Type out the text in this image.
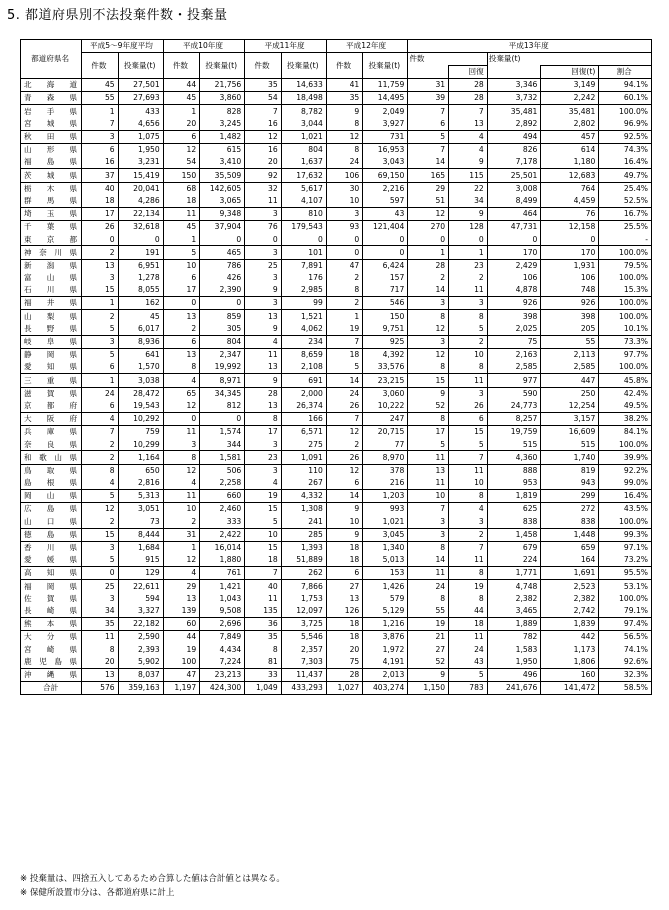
5. 都道府県別不法投棄件数・投棄量
都道府県名	平成5～9年度平均		平成10年度		平成11年度		平成12年度		平成13年度				
	件数	投棄量(t)	件数	投棄量(t)	件数	投棄量(t)	件数	投棄量(t)	件数		投棄量(t)		
										回復		回復(t)	割合
北海道	45	27,501	44	21,756	35	14,633	41	11,759	31	28	3,346	3,149	94.1%
青森県	55	27,693	45	3,860	54	18,498	35	14,495	39	28	3,732	2,242	60.1%
岩手県	1	433	1	828	7	8,782	9	2,049	7	7	35,481	35,481	100.0%
宮城県	7	4,656	20	3,245	16	3,044	8	3,927	6	13	2,892	2,802	96.9%
秋田県	3	1,075	6	1,482	12	1,021	12	731	5	4	494	457	92.5%
山形県	6	1,950	12	615	16	804	8	16,953	7	4	826	614	74.3%
福島県	16	3,231	54	3,410	20	1,637	24	3,043	14	9	7,178	1,180	16.4%
茨城県	37	15,419	150	35,509	92	17,632	106	69,150	165	115	25,501	12,683	49.7%
栃木県	40	20,041	68	142,605	32	5,617	30	2,216	29	22	3,008	764	25.4%
群馬県	18	4,286	18	3,065	11	4,107	10	597	51	34	8,499	4,459	52.5%
埼玉県	17	22,134	11	9,348	3	810	3	43	12	9	464	76	16.7%
千葉県	26	32,618	45	37,904	76	179,543	93	121,404	270	128	47,731	12,158	25.5%
東京都	0	0	1	0	0	0	0	0	0	0	0	0	-
神奈川県	2	191	5	465	3	101	0	0	1	1	170	170	100.0%
新潟県	13	6,951	10	786	25	7,891	47	6,424	28	23	2,429	1,931	79.5%
富山県	3	1,278	6	426	3	176	2	157	2	2	106	106	100.0%
石川県	15	8,055	17	2,390	9	2,985	8	717	14	11	4,878	748	15.3%
福井県	1	162	0	0	3	99	2	546	3	3	926	926	100.0%
山梨県	2	45	13	859	13	1,521	1	150	8	8	398	398	100.0%
長野県	5	6,017	2	305	9	4,062	19	9,751	12	5	2,025	205	10.1%
岐阜県	3	8,936	6	804	4	234	7	925	3	2	75	55	73.3%
静岡県	5	641	13	2,347	11	8,659	18	4,392	12	10	2,163	2,113	97.7%
愛知県	6	1,570	8	19,992	13	2,108	5	33,576	8	8	2,585	2,585	100.0%
三重県	1	3,038	4	8,971	9	691	14	23,215	15	11	977	447	45.8%
滋賀県	24	28,472	65	34,345	28	2,000	24	3,060	9	3	590	250	42.4%
京都府	6	19,543	12	812	13	26,374	26	10,222	52	26	24,773	12,254	49.5%
大阪府	4	10,292	0	0	8	166	7	247	8	6	8,257	3,157	38.2%
兵庫県	7	759	11	1,574	17	6,571	12	20,715	17	15	19,759	16,609	84.1%
奈良県	2	10,299	3	344	3	275	2	77	5	5	515	515	100.0%
和歌山県	2	1,164	8	1,581	23	1,091	26	8,970	11	7	4,360	1,740	39.9%
鳥取県	8	650	12	506	3	110	12	378	13	11	888	819	92.2%
島根県	4	2,816	4	2,258	4	267	6	216	11	10	953	943	99.0%
岡山県	5	5,313	11	660	19	4,332	14	1,203	10	8	1,819	299	16.4%
広島県	12	3,051	10	2,460	15	1,308	9	993	7	4	625	272	43.5%
山口県	2	73	2	333	5	241	10	1,021	3	3	838	838	100.0%
徳島県	15	8,444	31	2,422	10	285	9	3,045	3	2	1,458	1,448	99.3%
香川県	3	1,684	1	16,014	15	1,393	18	1,340	8	7	679	659	97.1%
愛媛県	5	915	12	1,880	18	51,889	18	5,013	14	11	224	164	73.2%
高知県	0	129	4	761	7	262	6	153	11	8	1,771	1,691	95.5%
福岡県	25	22,611	29	1,421	40	7,866	27	1,426	24	19	4,748	2,523	53.1%
佐賀県	3	594	13	1,043	11	1,753	13	579	8	8	2,382	2,382	100.0%
長崎県	34	3,327	139	9,508	135	12,097	126	5,129	55	44	3,465	2,742	79.1%
熊本県	35	22,182	60	2,696	36	3,725	18	1,216	19	18	1,889	1,839	97.4%
大分県	11	2,590	44	7,849	35	5,546	18	3,876	21	11	782	442	56.5%
宮崎県	8	2,393	19	4,434	8	2,357	20	1,972	27	24	1,583	1,173	74.1%
鹿児島県	20	5,902	100	7,224	81	7,303	75	4,191	52	43	1,950	1,806	92.6%
沖縄県	13	8,037	47	23,213	33	11,437	28	2,013	9	5	496	160	32.3%
合計	576	359,163	1,197	424,300	1,049	433,293	1,027	403,274	1,150	783	241,676	141,472	58.5%
※ 投棄量は、四捨五入してあるため合算した値は合計値とは異なる。
※ 保健所設置市分は、各都道府県に計上
